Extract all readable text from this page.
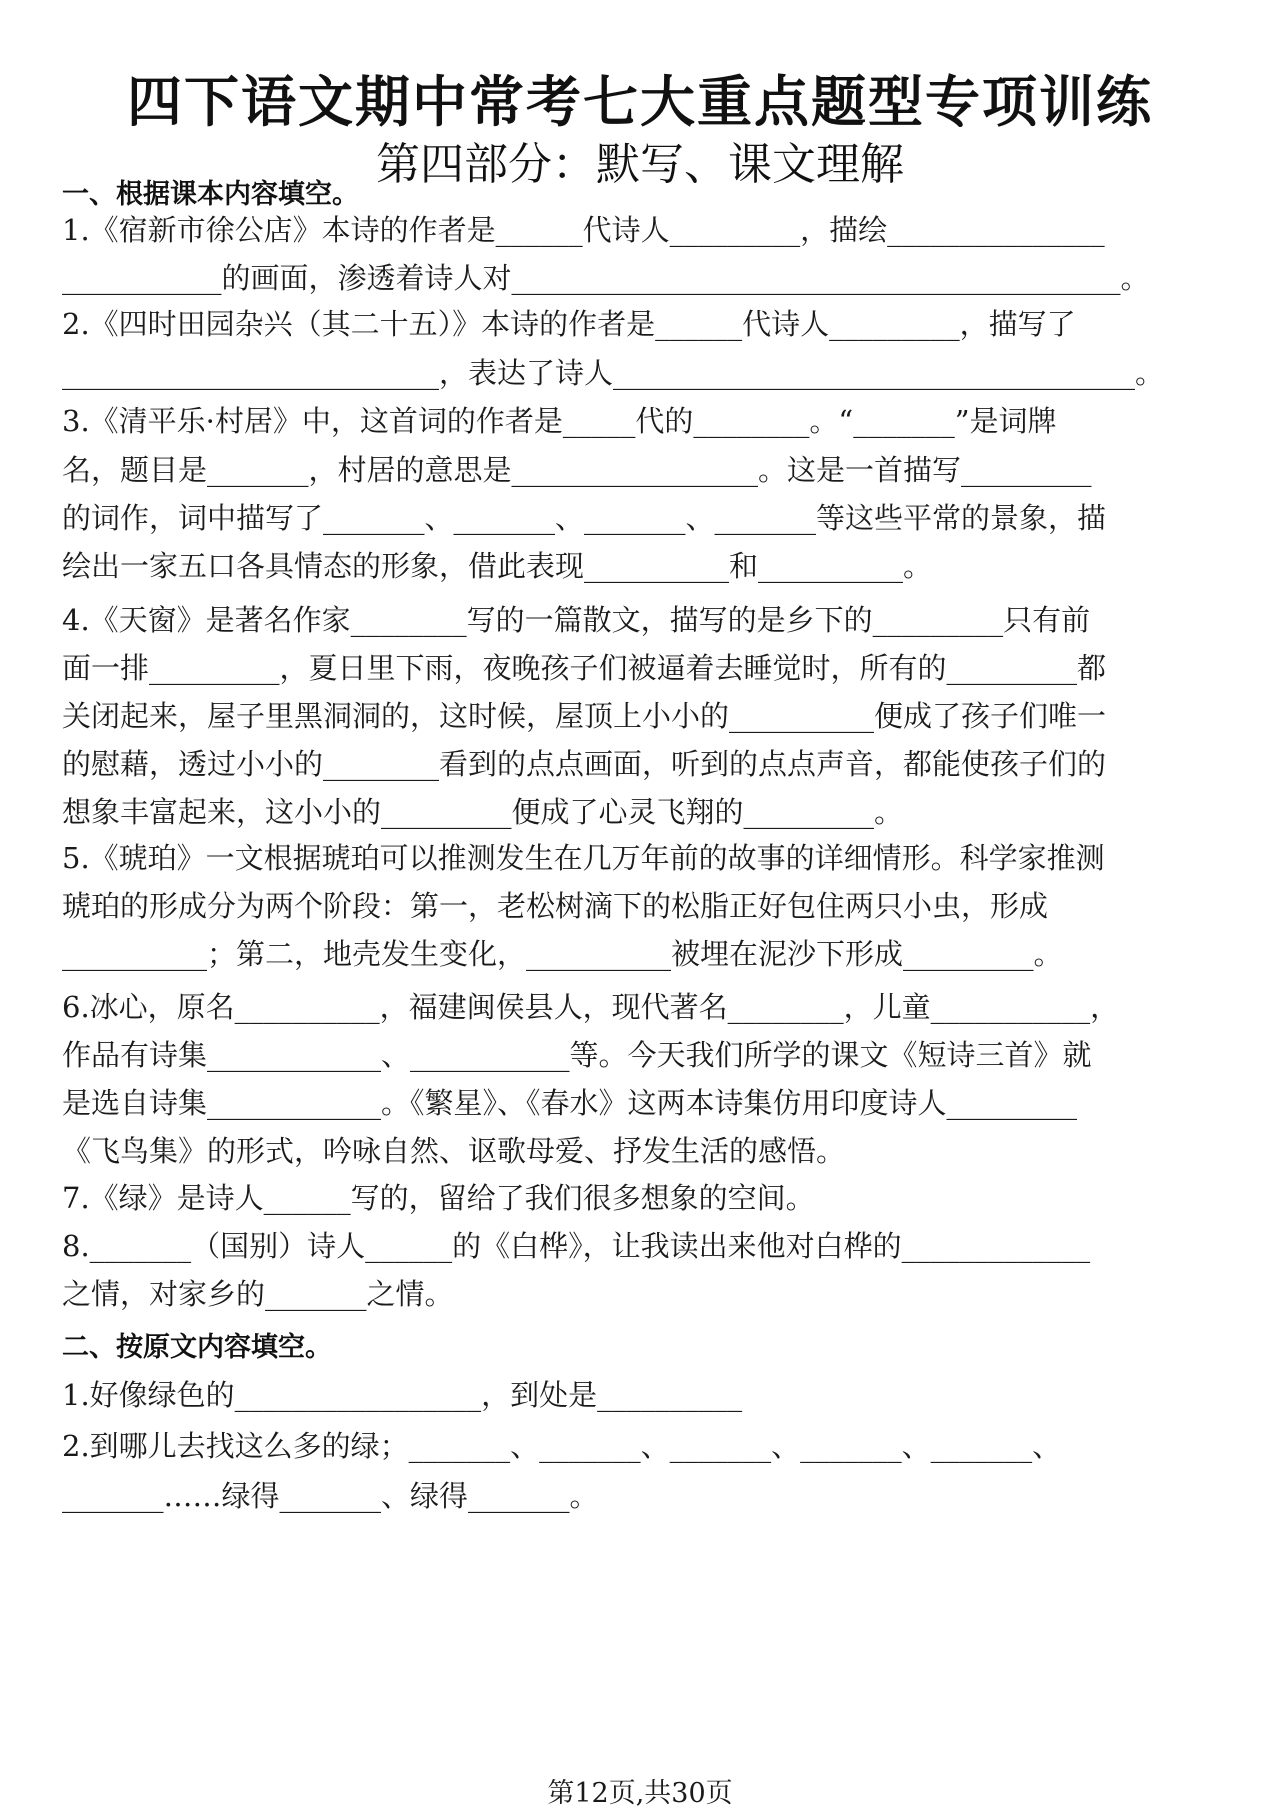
四下语文期中常考七大重点题型专项训练
第四部分：默写、课文理解
一、根据课本内容填空。
1.《宿新市徐公店》本诗的作者是______代诗人_________，描绘_______________
___________的画面，渗透着诗人对__________________________________________。
2.《四时田园杂兴（其二十五）》本诗的作者是______代诗人_________，描写了
__________________________，表达了诗人____________________________________。
3.《清平乐·村居》中，这首词的作者是_____代的________。“_______”是词牌
名，题目是_______，村居的意思是_________________。这是一首描写_________
的词作，词中描写了_______、_______、_______、_______等这些平常的景象，描
绘出一家五口各具情态的形象，借此表现__________和__________。
4.《天窗》是著名作家________写的一篇散文，描写的是乡下的_________只有前
面一排_________，夏日里下雨，夜晚孩子们被逼着去睡觉时，所有的_________都
关闭起来，屋子里黑洞洞的，这时候，屋顶上小小的__________便成了孩子们唯一
的慰藉，透过小小的________看到的点点画面，听到的点点声音，都能使孩子们的
想象丰富起来，这小小的_________便成了心灵飞翔的_________。
5.《琥珀》一文根据琥珀可以推测发生在几万年前的故事的详细情形。科学家推测
琥珀的形成分为两个阶段：第一，老松树滴下的松脂正好包住两只小虫，形成
__________；第二，地壳发生变化，__________被埋在泥沙下形成_________。
6.冰心，原名__________，福建闽侯县人，现代著名________，儿童___________，
作品有诗集____________、___________等。今天我们所学的课文《短诗三首》就
是选自诗集____________。《繁星》、《春水》这两本诗集仿用印度诗人_________
《飞鸟集》的形式，吟咏自然、讴歌母爱、抒发生活的感悟。
7.《绿》是诗人______写的，留给了我们很多想象的空间。
8._______（国别）诗人______的《白桦》，让我读出来他对白桦的_____________
之情，对家乡的_______之情。
二、按原文内容填空。
1.好像绿色的_________________，到处是__________
2.到哪儿去找这么多的绿；_______、_______、_______、_______、_______、
_______……绿得_______、绿得_______。
第12页,共30页
